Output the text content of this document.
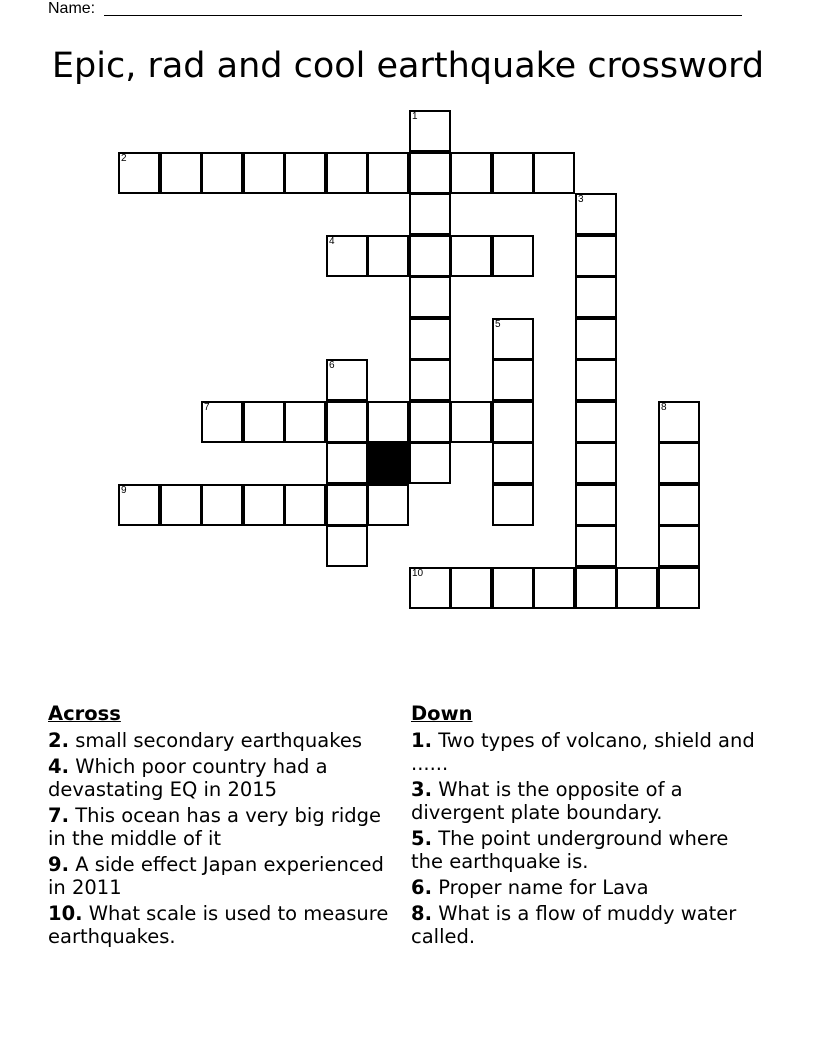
Name:
Epic, rad and cool earthquake crossword
2
4
7
9
10
1
3
5
6
8
Across
2. small secondary earthquakes
4. Which poor country had a devastating EQ in 2015
7. This ocean has a very big ridge in the middle of it
9. A side effect Japan experienced in 2011
10. What scale is used to measure earthquakes.
Down
1. Two types of volcano, shield and ......
3. What is the opposite of a divergent plate boundary.
5. The point underground where the earthquake is.
6. Proper name for Lava
8. What is a flow of muddy water called.
